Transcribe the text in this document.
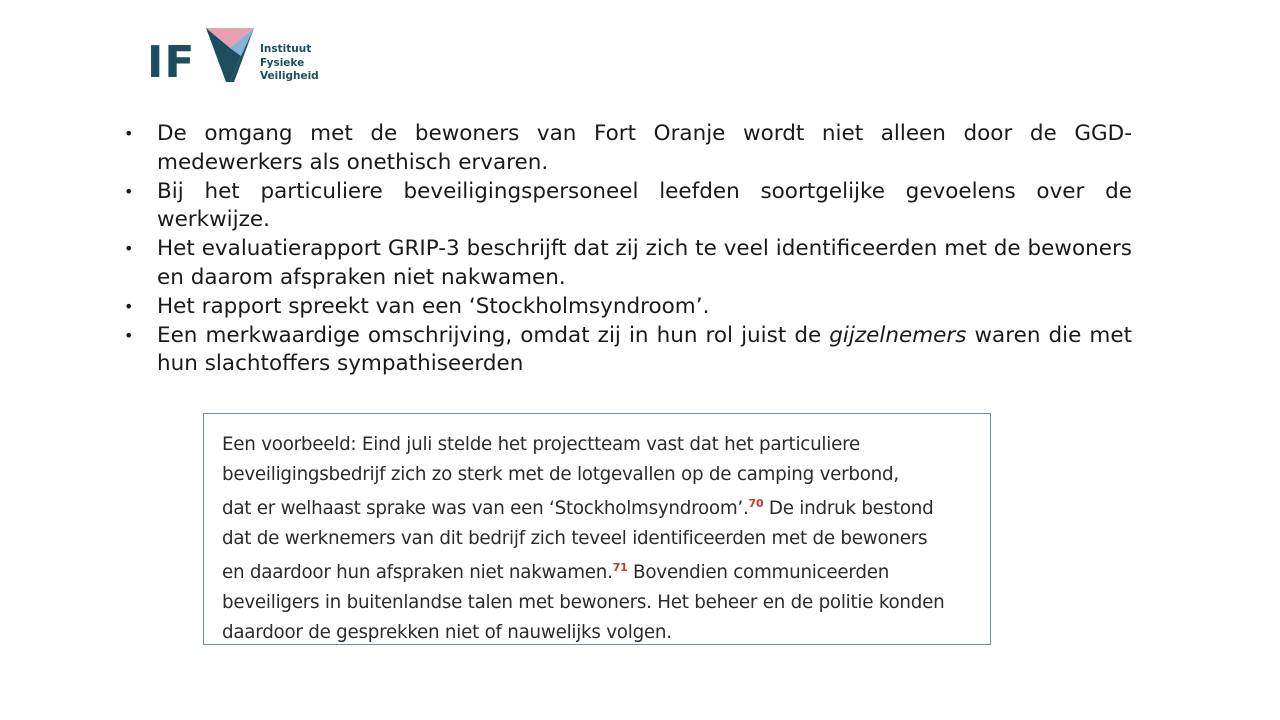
IF	Instituut
Fysieke
Veiligheid
• De omgang met de bewoners van Fort Oranje wordt niet alleen door de GGD-medewerkers als onethisch ervaren.
• Bij het particuliere beveiligingspersoneel leefden soortgelijke gevoelens over de werkwijze.
• Het evaluatierapport GRIP-3 beschrijft dat zij zich te veel identificeerden met de bewoners en daarom afspraken niet nakwamen.
• Het rapport spreekt van een ‘Stockholmsyndroom’.
• Een merkwaardige omschrijving, omdat zij in hun rol juist de gijzelnemers waren die met hun slachtoffers sympathiseerden
Een voorbeeld: Eind juli stelde het projectteam vast dat het particuliere
beveiligingsbedrijf zich zo sterk met de lotgevallen op de camping verbond,
dat er welhaast sprake was van een ‘Stockholmsyndroom’.$^{70}$ De indruk bestond
dat de werknemers van dit bedrijf zich teveel identificeerden met de bewoners
en daardoor hun afspraken niet nakwamen.$^{71}$ Bovendien communiceerden
beveiligers in buitenlandse talen met bewoners. Het beheer en de politie konden
daardoor de gesprekken niet of nauwelijks volgen.
